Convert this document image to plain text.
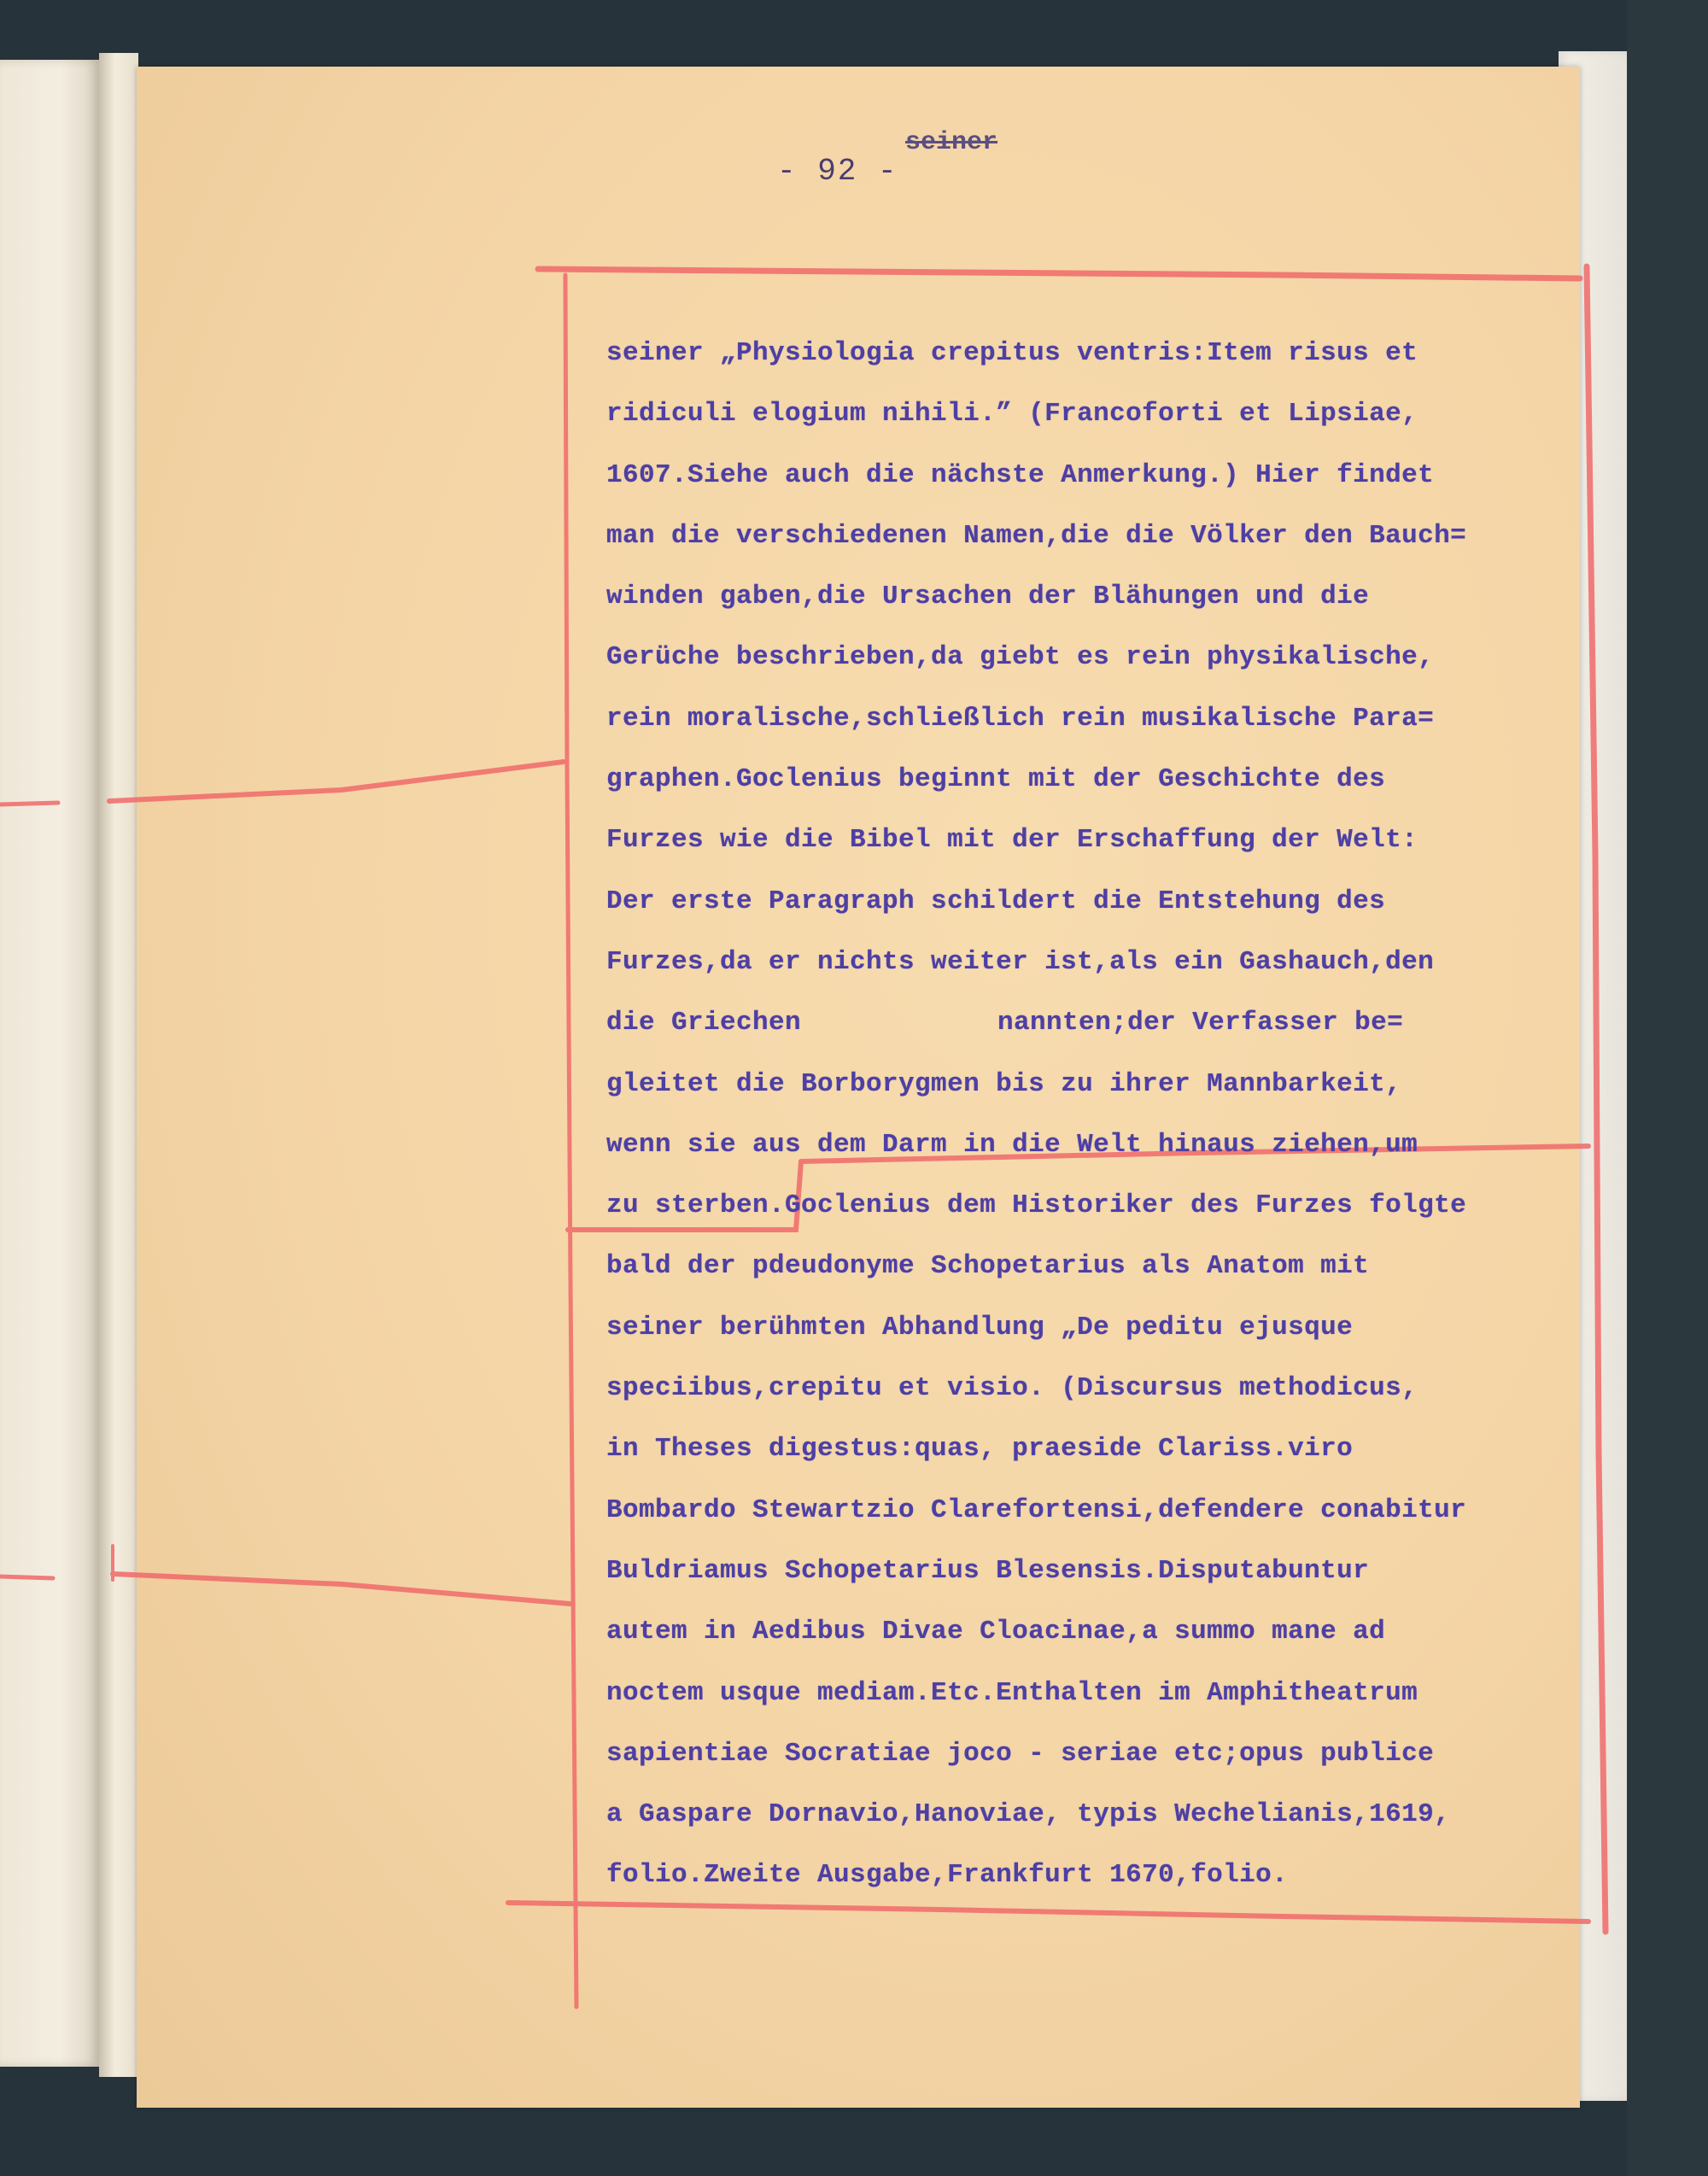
- 92 -
seiner
seiner „Physiologia crepitus ventris:Item risus et
ridiculi elogium nihili.” (Francoforti et Lipsiae,
1607.Siehe auch die nächste Anmerkung.) Hier findet
man die verschiedenen Namen,die die Völker den Bauch=
winden gaben,die Ursachen der Blähungen und die
Gerüche beschrieben,da giebt es rein physikalische,
rein moralische,schließlich rein musikalische Para=
graphen.Goclenius beginnt mit der Geschichte des
Furzes wie die Bibel mit der Erschaffung der Welt:
Der erste Paragraph schildert die Entstehung des
Furzes,da er nichts weiter ist,als ein Gashauch,den
die Griechen	nannten;der Verfasser be=
gleitet die Borborygmen bis zu ihrer Mannbarkeit,
wenn sie aus dem Darm in die Welt hinaus ziehen,um
zu sterben.Goclenius dem Historiker des Furzes folgte
bald der pdeudonyme Schopetarius als Anatom mit
seiner berühmten Abhandlung „De peditu ejusque
speciibus,crepitu et visio. (Discursus methodicus,
in Theses digestus:quas, praeside Clariss.viro
Bombardo Stewartzio Clarefortensi,defendere conabitur
Buldriamus Schopetarius Blesensis.Disputabuntur
autem in Aedibus Divae Cloacinae,a summo mane ad
noctem usque mediam.Etc.Enthalten im Amphitheatrum
sapientiae Socratiae joco - seriae etc;opus publice
a Gaspare Dornavio,Hanoviae, typis Wechelianis,1619,
folio.Zweite Ausgabe,Frankfurt 1670,folio.
